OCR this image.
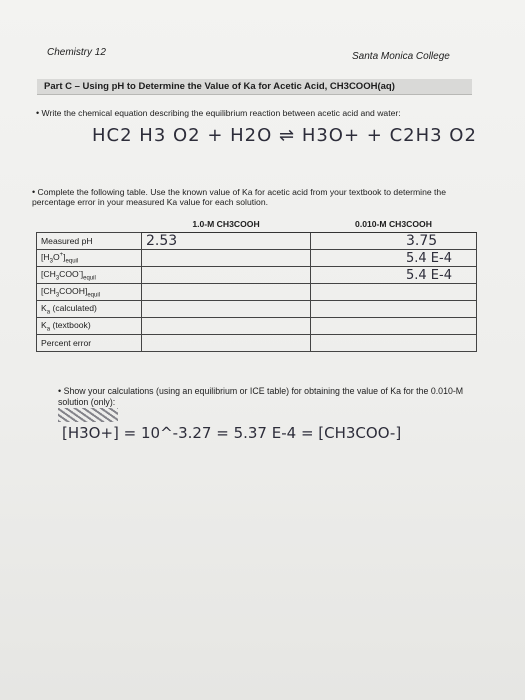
Chemistry 12	Santa Monica College
Part C – Using pH to Determine the Value of Ka for Acetic Acid, CH3COOH(aq)
• Write the chemical equation describing the equilibrium reaction between acetic acid and water:
HC2 H3 O2 + H2O ⇌ H3O+ + C2H3 O2
• Complete the following table. Use the known value of Ka for acetic acid from your textbook to determine the percentage error in your measured Ka value for each solution.
	1.0-M CH3COOH	0.010-M CH3COOH
Measured pH	2.53	3.75
$[H_3O^+]_{equil}$		5.4 E-4
$[CH_3COO^-]_{equil}$		5.4 E-4
$[CH_3COOH]_{equil}$		
$K_a$ (calculated)		
$K_a$ (textbook)		
Percent error		
• Show your calculations (using an equilibrium or ICE table) for obtaining the value of Ka for the 0.010-M solution (only):
[H3O+] = 10^-3.27 = 5.37 E-4 = [CH3COO-]
